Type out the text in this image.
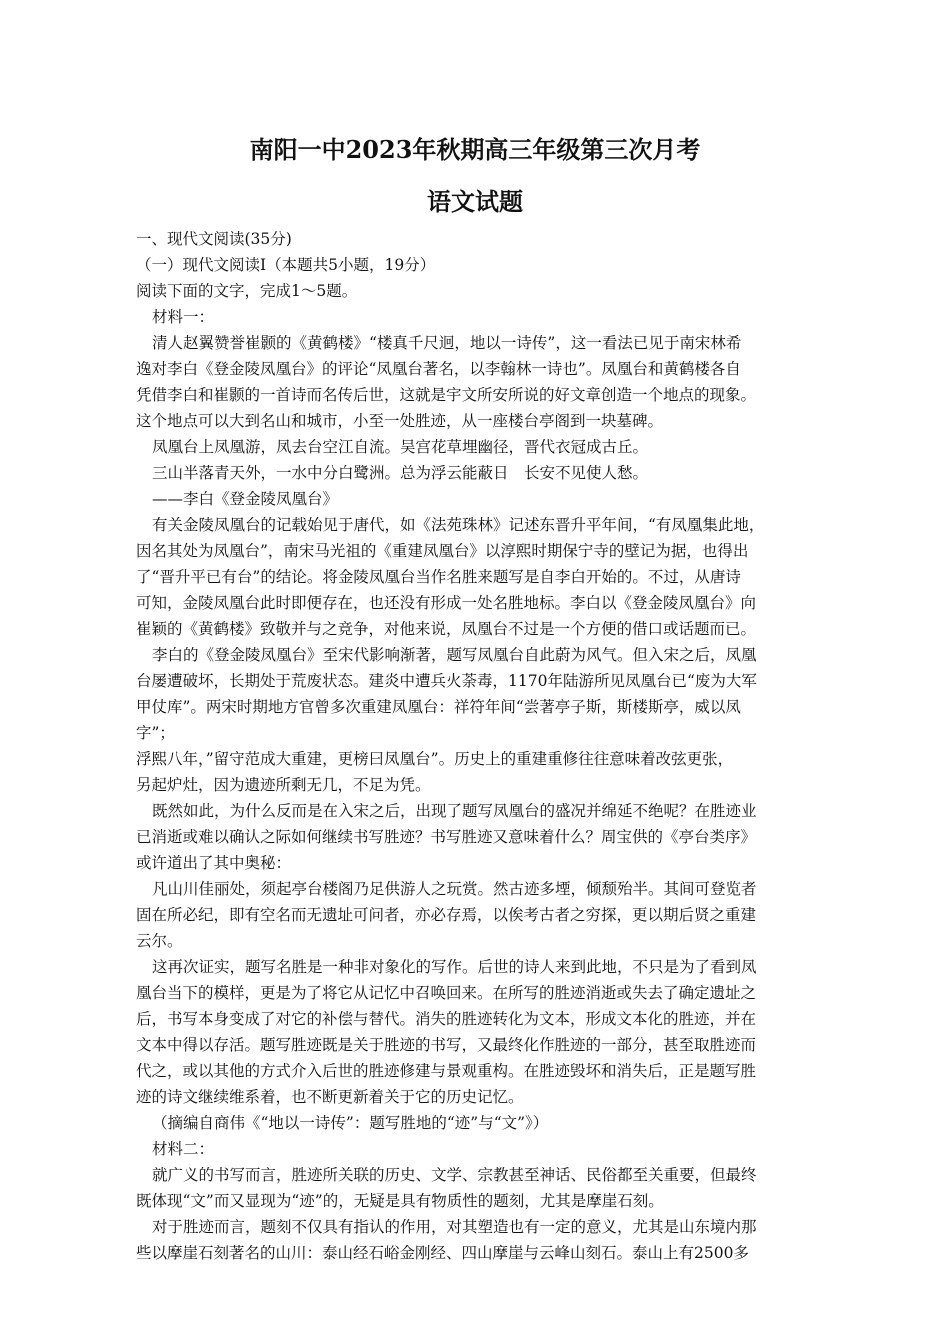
南阳一中2023年秋期高三年级第三次月考
语文试题
一、现代文阅读(35分)
（一）现代文阅读Ⅰ（本题共5小题，19分）
阅读下面的文字，完成1～5题。
材料一：
清人赵翼赞誉崔颢的《黄鹤楼》“楼真千尺迥，地以一诗传”，这一看法已见于南宋林希
逸对李白《登金陵凤凰台》的评论“凤凰台著名，以李翰林一诗也”。凤凰台和黄鹤楼各自
凭借李白和崔颢的一首诗而名传后世，这就是宇文所安所说的好文章创造一个地点的现象。
这个地点可以大到名山和城市，小至一处胜迹，从一座楼台亭阁到一块墓碑。
凤凰台上凤凰游，凤去台空江自流。吴宫花草埋幽径，晋代衣冠成古丘。
三山半落青天外，一水中分白鹭洲。总为浮云能蔽日　长安不见使人愁。
——李白《登金陵凤凰台》
有关金陵凤凰台的记载始见于唐代，如《法苑珠林》记述东晋升平年间，“有凤凰集此地，
因名其处为凤凰台”，南宋马光祖的《重建凤凰台》以淳熙时期保宁寺的壁记为据，也得出
了“晋升平已有台”的结论。将金陵凤凰台当作名胜来题写是自李白开始的。不过，从唐诗
可知，金陵凤凰台此时即便存在，也还没有形成一处名胜地标。李白以《登金陵凤凰台》向
崔颖的《黄鹤楼》致敬并与之竞争，对他来说，凤凰台不过是一个方便的借口或话题而已。
李白的《登金陵凤凰台》至宋代影响渐著，题写凤凰台自此蔚为风气。但入宋之后，凤凰
台屡遭破坏，长期处于荒废状态。建炎中遭兵火荼毒，1170年陆游所见凤凰台已“废为大军
甲仗库”。两宋时期地方官曾多次重建凤凰台：祥符年间“尝著亭子斯，斯楼斯亭，威以凤
字”；
浮熙八年，”留守范成大重建，更榜曰凤凰台”。历史上的重建重修往往意味着改弦更张，
另起炉灶，因为遗迹所剩无几，不足为凭。
既然如此，为什么反而是在入宋之后，出现了题写凤凰台的盛况并绵延不绝呢？在胜迹业
已消逝或难以确认之际如何继续书写胜迹？书写胜迹又意味着什么？周宝供的《亭台类序》
或许道出了其中奥秘：
凡山川佳丽处，须起亭台楼阁乃足供游人之玩赏。然古迹多堙，倾颓殆半。其间可登览者
固在所必纪，即有空名而无遗址可问者，亦必存焉，以俟考古者之穷探，更以期后贤之重建
云尔。
这再次证实，题写名胜是一种非对象化的写作。后世的诗人来到此地，不只是为了看到凤
凰台当下的模样，更是为了将它从记忆中召唤回来。在所写的胜迹消逝或失去了确定遗址之
后，书写本身变成了对它的补偿与替代。消失的胜迹转化为文本，形成文本化的胜迹，并在
文本中得以存活。题写胜迹既是关于胜迹的书写，又最终化作胜迹的一部分，甚至取胜迹而
代之，或以其他的方式介入后世的胜迹修建与景观重构。在胜迹毁坏和消失后，正是题写胜
迹的诗文继续维系着，也不断更新着关于它的历史记忆。
（摘编自商伟《“地以一诗传”：题写胜地的“迹”与“文”》）
材料二：
就广义的书写而言，胜迹所关联的历史、文学、宗教甚至神话、民俗都至关重要，但最终
既体现“文”而又显现为“迹”的，无疑是具有物质性的题刻，尤其是摩崖石刻。
对于胜迹而言，题刻不仅具有指认的作用，对其塑造也有一定的意义，尤其是山东境内那
些以摩崖石刻著名的山川：泰山经石峪金刚经、四山摩崖与云峰山刻石。泰山上有2500多
